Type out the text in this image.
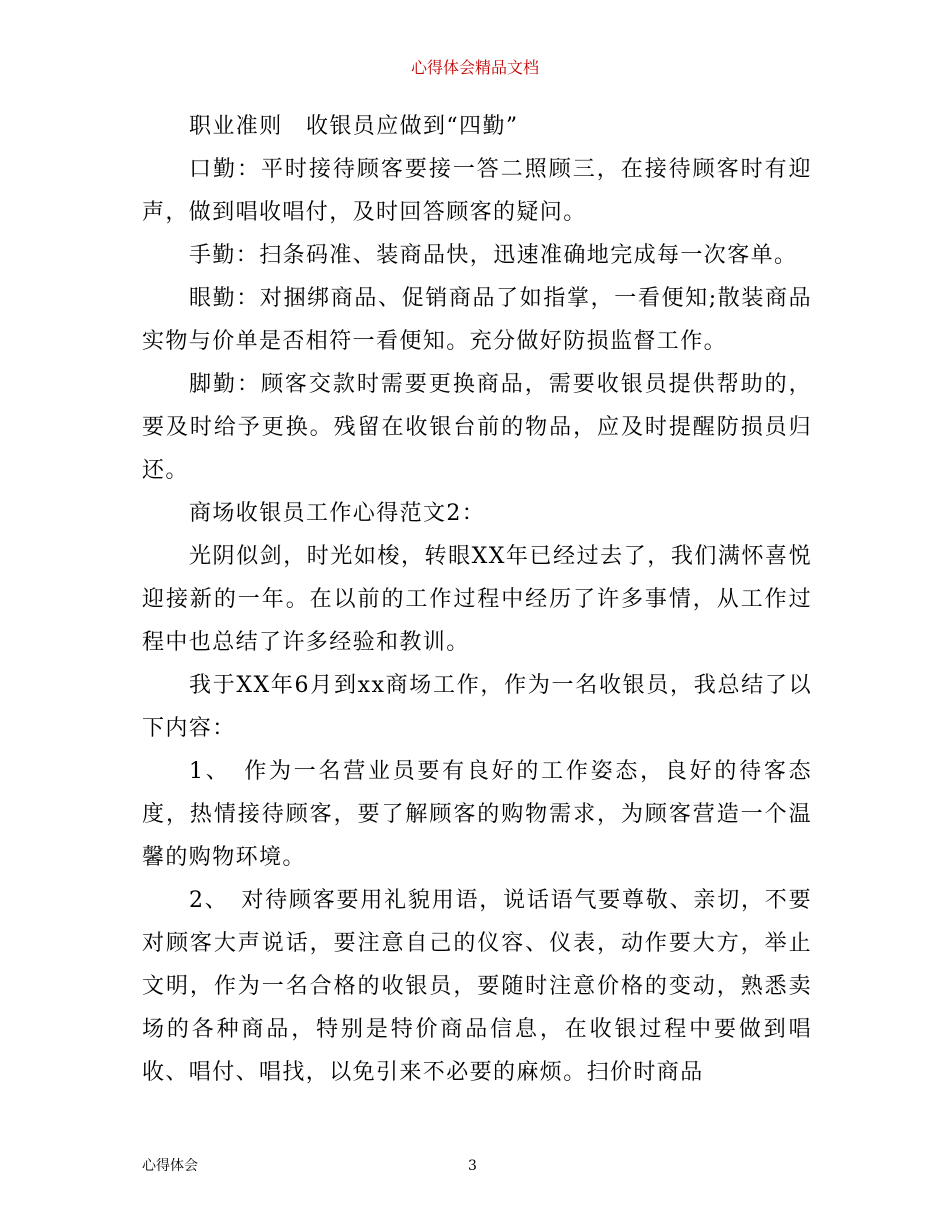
心得体会精品文档

职业准则　收银员应做到“四勤”

口勤：平时接待顾客要接一答二照顾三，在接待顾客时有迎声，做到唱收唱付，及时回答顾客的疑问。

手勤：扫条码准、装商品快，迅速准确地完成每一次客单。

眼勤：对捆绑商品、促销商品了如指掌，一看便知;散装商品实物与价单是否相符一看便知。充分做好防损监督工作。

脚勤：顾客交款时需要更换商品，需要收银员提供帮助的，要及时给予更换。残留在收银台前的物品，应及时提醒防损员归还。

商场收银员工作心得范文2：

光阴似剑，时光如梭，转眼XX年已经过去了，我们满怀喜悦迎接新的一年。在以前的工作过程中经历了许多事情，从工作过程中也总结了许多经验和教训。

我于XX年6月到xx商场工作，作为一名收银员，我总结了以下内容：

1、　作为一名营业员要有良好的工作姿态，良好的待客态度，热情接待顾客，要了解顾客的购物需求，为顾客营造一个温馨的购物环境。

2、　对待顾客要用礼貌用语，说话语气要尊敬、亲切，不要对顾客大声说话，要注意自己的仪容、仪表，动作要大方，举止文明，作为一名合格的收银员，要随时注意价格的变动，熟悉卖场的各种商品，特别是特价商品信息，在收银过程中要做到唱收、唱付、唱找，以免引来不必要的麻烦。扫价时商品

心得体会	3
